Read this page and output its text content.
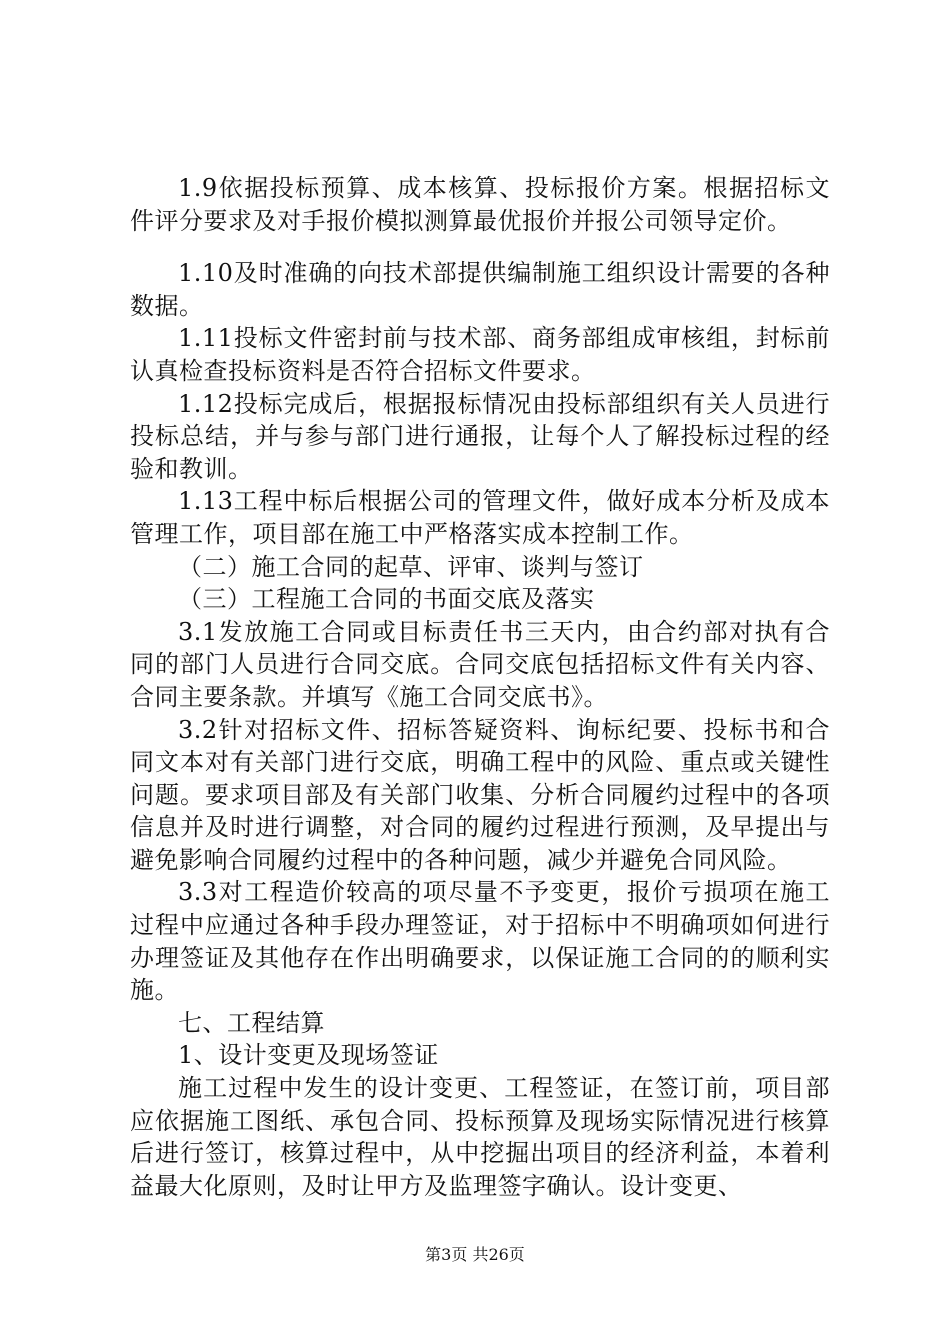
1.9依据投标预算、成本核算、投标报价方案。根据招标文件评分要求及对手报价模拟测算最优报价并报公司领导定价。

1.10及时准确的向技术部提供编制施工组织设计需要的各种数据。

1.11投标文件密封前与技术部、商务部组成审核组，封标前认真检查投标资料是否符合招标文件要求。

1.12投标完成后，根据报标情况由投标部组织有关人员进行投标总结，并与参与部门进行通报，让每个人了解投标过程的经验和教训。

1.13工程中标后根据公司的管理文件，做好成本分析及成本管理工作，项目部在施工中严格落实成本控制工作。

（二）施工合同的起草、评审、谈判与签订

（三）工程施工合同的书面交底及落实

3.1发放施工合同或目标责任书三天内，由合约部对执有合同的部门人员进行合同交底。合同交底包括招标文件有关内容、合同主要条款。并填写《施工合同交底书》。

3.2针对招标文件、招标答疑资料、询标纪要、投标书和合同文本对有关部门进行交底，明确工程中的风险、重点或关键性问题。要求项目部及有关部门收集、分析合同履约过程中的各项信息并及时进行调整，对合同的履约过程进行预测，及早提出与避免影响合同履约过程中的各种问题，减少并避免合同风险。

3.3对工程造价较高的项尽量不予变更，报价亏损项在施工过程中应通过各种手段办理签证，对于招标中不明确项如何进行办理签证及其他存在作出明确要求，以保证施工合同的的顺利实施。

七、工程结算

1、设计变更及现场签证

施工过程中发生的设计变更、工程签证，在签订前，项目部应依据施工图纸、承包合同、投标预算及现场实际情况进行核算后进行签订，核算过程中，从中挖掘出项目的经济利益，本着利益最大化原则，及时让甲方及监理签字确认。设计变更、

第3页 共26页
